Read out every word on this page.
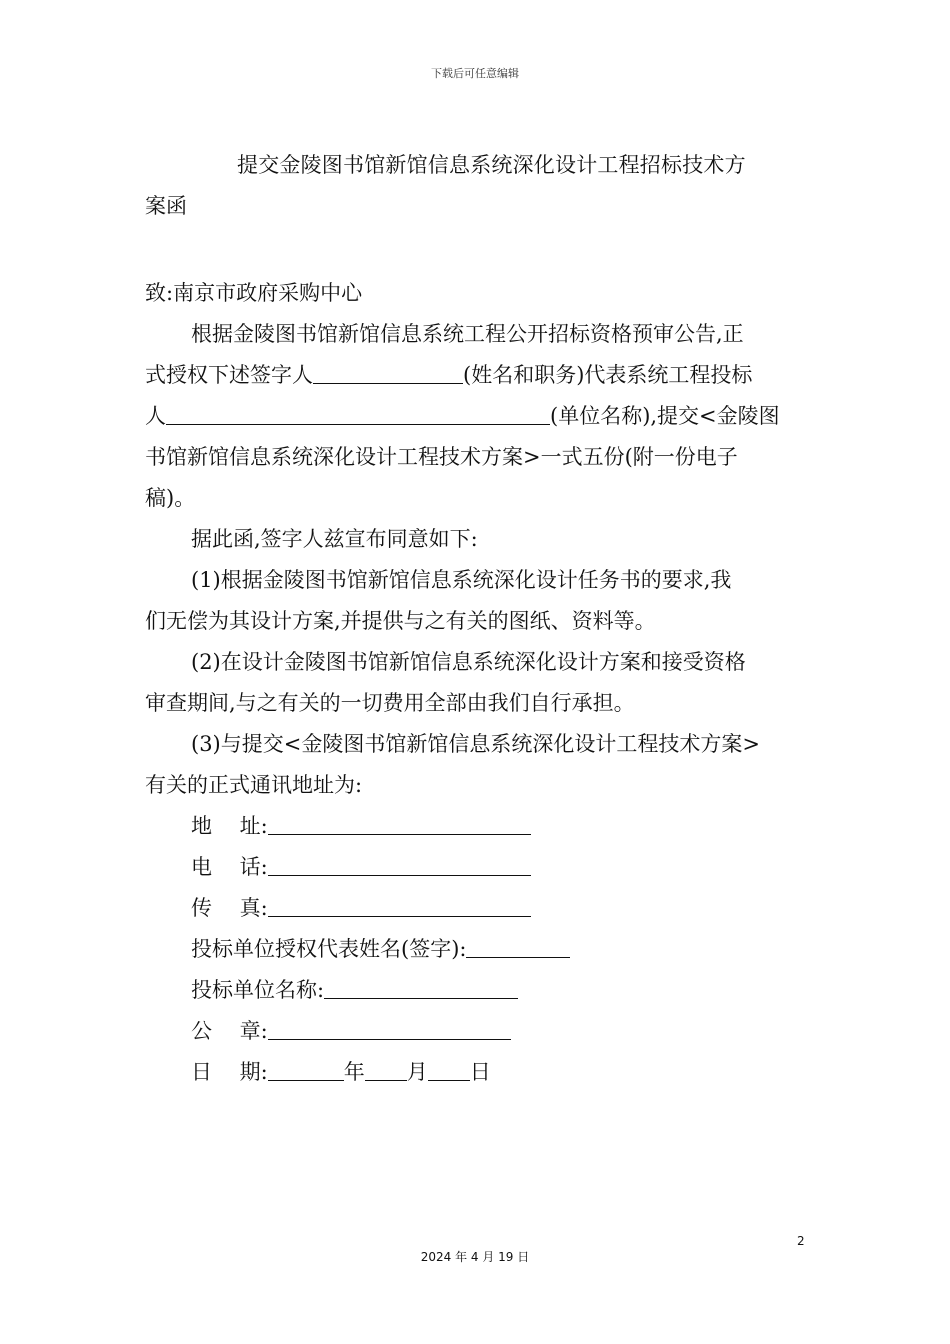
下载后可任意编辑
提交金陵图书馆新馆信息系统深化设计工程招标技术方
案函
致:南京市政府采购中心
根据金陵图书馆新馆信息系统工程公开招标资格预审公告,正
式授权下述签字人	(姓名和职务)代表系统工程投标
人	(单位名称),提交<金陵图
书馆新馆信息系统深化设计工程技术方案>一式五份(附一份电子
稿)。
据此函,签字人兹宣布同意如下:
(1)根据金陵图书馆新馆信息系统深化设计任务书的要求,我
们无偿为其设计方案,并提供与之有关的图纸、资料等。
(2)在设计金陵图书馆新馆信息系统深化设计方案和接受资格
审查期间,与之有关的一切费用全部由我们自行承担。
(3)与提交<金陵图书馆新馆信息系统深化设计工程技术方案>
有关的正式通讯地址为:
地　 址:
电　 话:
传　 真:
投标单位授权代表姓名(签字):
投标单位名称:
公　 章:
日　 期:	年 月 日
2
2024 年 4 月 19 日
